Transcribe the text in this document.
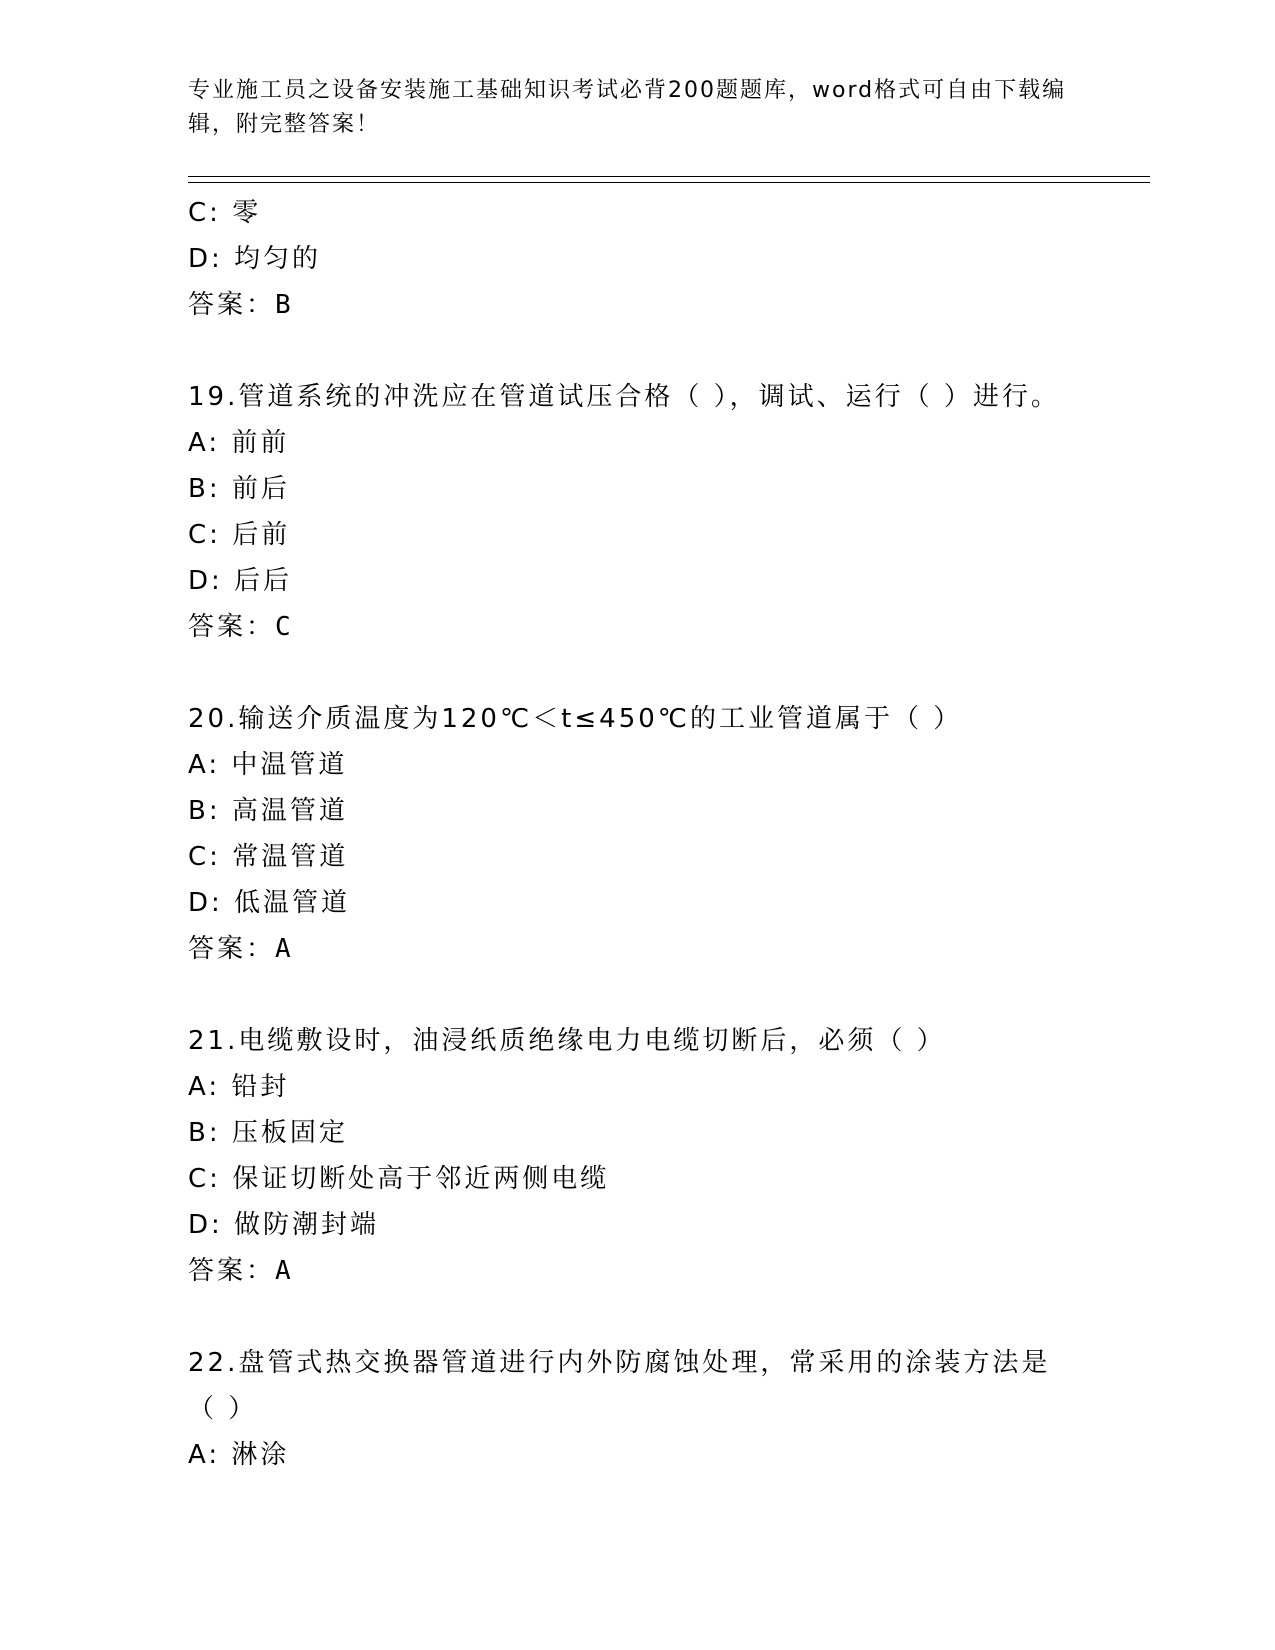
专业施工员之设备安装施工基础知识考试必背200题题库，word格式可自由下载编辑，附完整答案！
C: 零
D: 均匀的
答案：B
19.管道系统的冲洗应在管道试压合格（ ），调试、运行（ ）进行。
A: 前前
B: 前后
C: 后前
D: 后后
答案：C
20.输送介质温度为120℃＜t≤450℃的工业管道属于（ ）
A: 中温管道
B: 高温管道
C: 常温管道
D: 低温管道
答案：A
21.电缆敷设时，油浸纸质绝缘电力电缆切断后，必须（ ）
A: 铅封
B: 压板固定
C: 保证切断处高于邻近两侧电缆
D: 做防潮封端
答案：A
22.盘管式热交换器管道进行内外防腐蚀处理，常采用的涂装方法是（ ）
A: 淋涂
